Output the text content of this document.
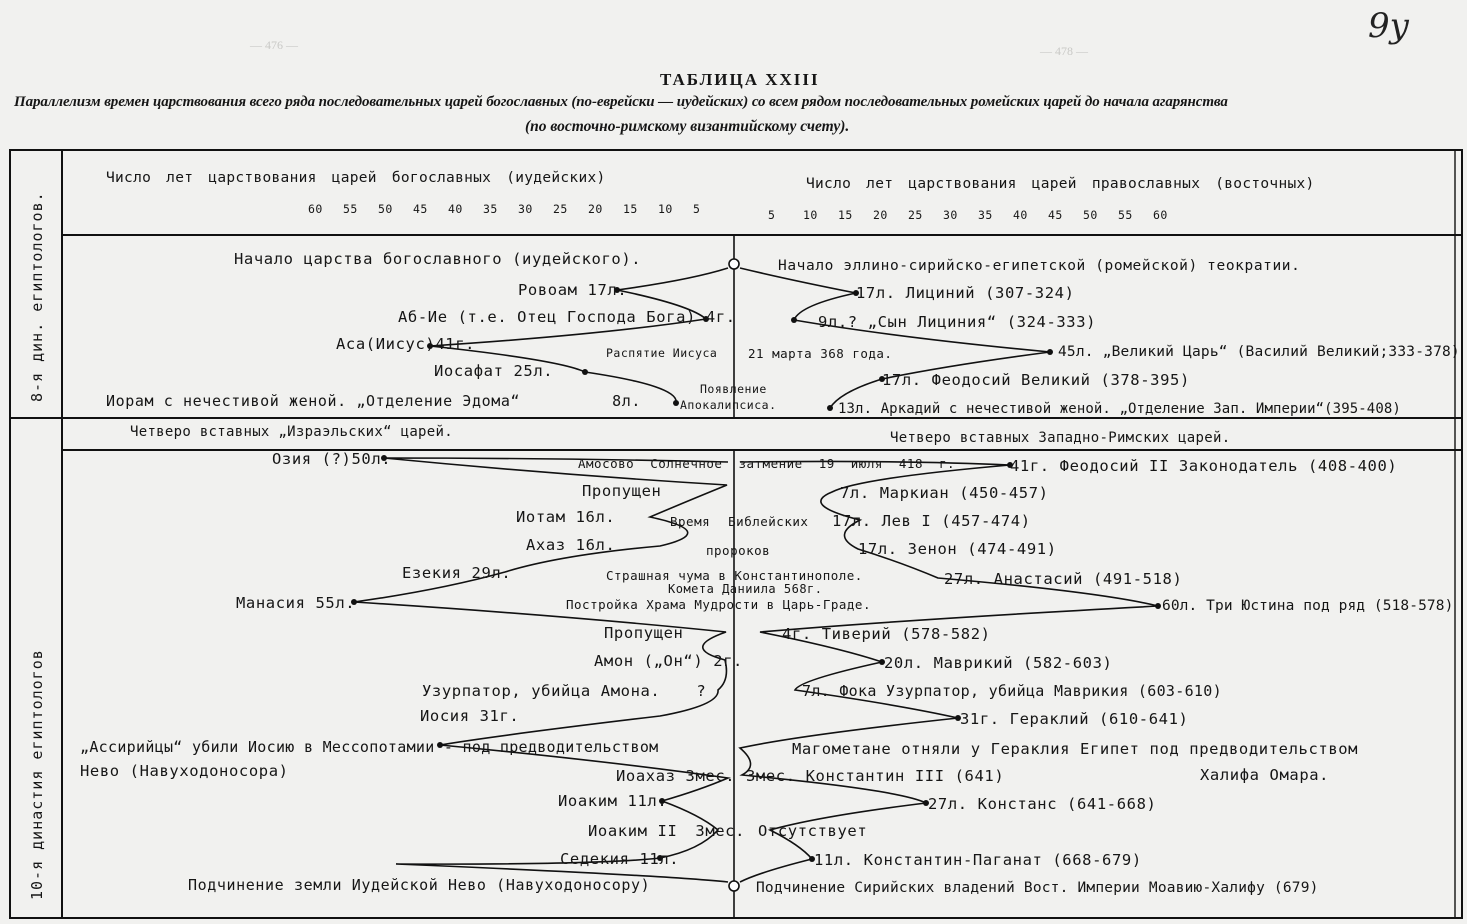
— 476 —	— 478 —
9y
ТАБЛИЦА XXIII
Параллелизм времен царствования всего ряда последовательных царей богославных (по-еврейски — иудейских) со всем рядом последовательных ромейских царей до начала агарянства
(по восточно-римскому византийскому счету).
8-я дин. египтологов.
10-я династия египтологов
Число лет царствования царей богославных (иудейских)	Число лет царствования царей православных (восточных)
60 55 50 45 40 35 30 25 20 15 10 5	5 10 15 20 25 30 35 40 45 50 55 60
Начало царства богославного (иудейского).	Начало эллино-сирийско-египетской (ромейской) теократии.
Ровоам 17л.
Аб-Ие (т.е. Отец Господа Бога) 4г.
Аса(Иисус)41г.
Иосафат 25л.
Иорам с нечестивой женой. „Отделение Эдома“	8л.
17л. Лициний (307-324)
9л.? „Сын Лициния“ (324-333)
45л. „Великий Царь“ (Василий Великий;333-378)
17л. Феодосий Великий (378-395)
13л. Аркадий с нечестивой женой. „Отделение Зап. Империи“(395-408)
Распятие Иисуса 21 марта 368 года.
Появление
Апокалипсиса.
Четверо вставных „Израэльских“ царей.	Четверо вставных Западно-Римских царей.
Озия (?)50л.
Пропущен
Иотам 16л.
Ахаз 16л.
Езекия 29л.
Манасия 55л.
Пропущен
Амон („Он“) 2г.
Узурпатор, убийца Амона. ?
Иосия 31г.
„Ассирийцы“ убили Иосию в Мессопотамии - под предводительством
Нево (Навуходоносора)	Иоахаз 3мес.
Иоаким 11л.
Иоаким II 3мес.
Седекия 11л.
Подчинение земли Иудейской Нево (Навуходоносору)
41г. Феодосий II Законодатель (408-400)
7л. Маркиан (450-457)
17л. Лев I (457-474)
17л. Зенон (474-491)
27л. Анастасий (491-518)
60л. Три Юстина под ряд (518-578)
4г. Тиверий (578-582)
20л. Маврикий (582-603)
7л. Фока Узурпатор, убийца Маврикия (603-610)
31г. Гераклий (610-641)
Магометане отняли у Гераклия Египет под предводительством
Халифа Омара.
3мес. Константин III (641)
27л. Констанс (641-668)
Отсутствует
11л. Константин-Паганат (668-679)
Подчинение Сирийских владений Вост. Империи Моавию-Халифу (679)
Амосово Солнечное затмение 19 июля 418 г.
Время Библейских
пророков
Страшная чума в Константинополе.
Комета Даниила 568г.
Постройка Храма Мудрости в Царь-Граде.
